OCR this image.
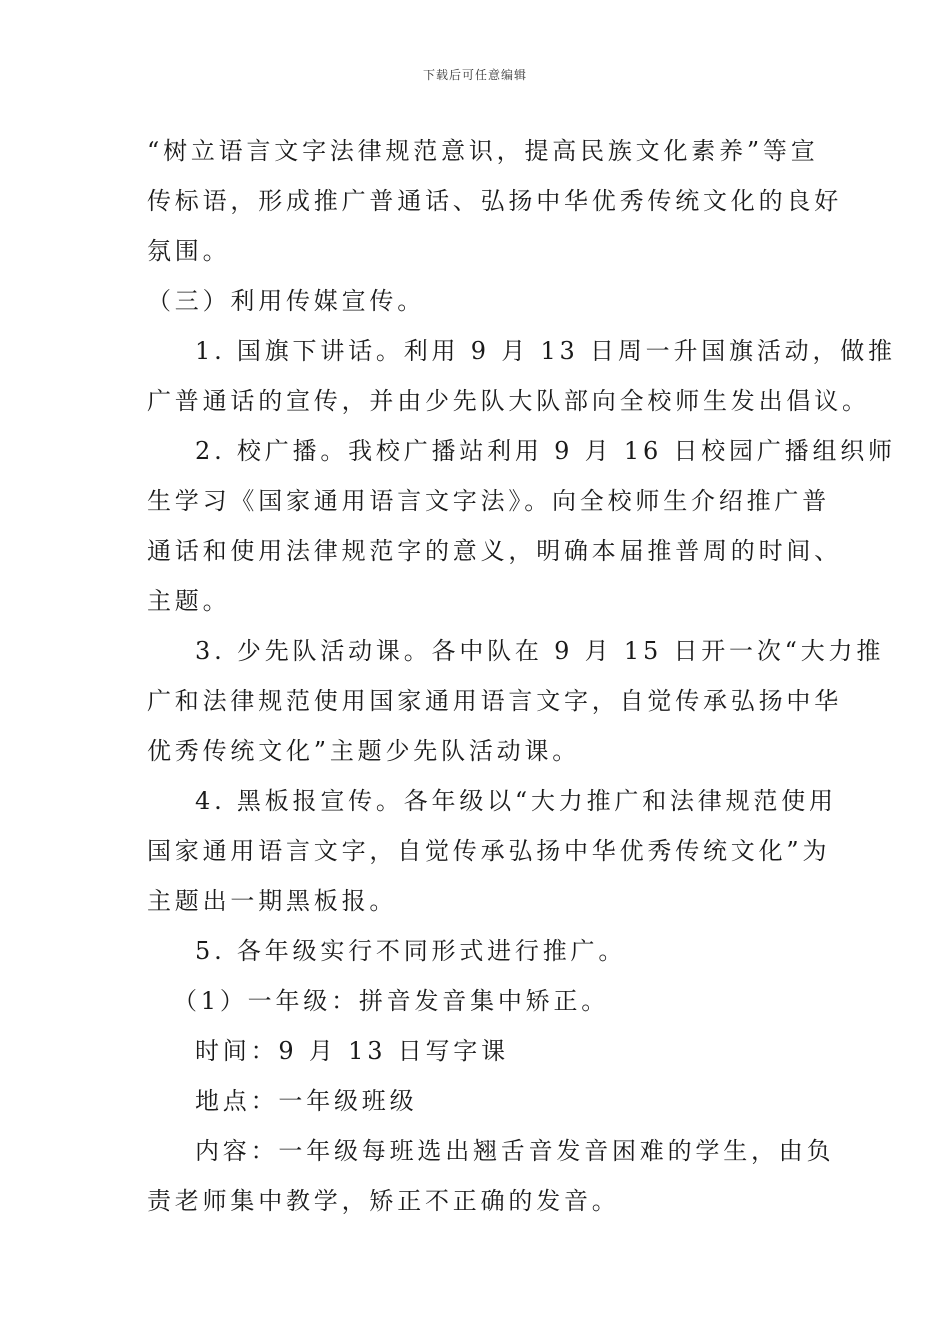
下载后可任意编辑
“树立语言文字法律规范意识，提高民族文化素养”等宣
传标语，形成推广普通话、弘扬中华优秀传统文化的良好
氛围。
（三）利用传媒宣传。
1. 国旗下讲话。利用 9 月 13 日周一升国旗活动，做推
广普通话的宣传，并由少先队大队部向全校师生发出倡议。
2. 校广播。我校广播站利用 9 月 16 日校园广播组织师
生学习《国家通用语言文字法》。向全校师生介绍推广普
通话和使用法律规范字的意义，明确本届推普周的时间、
主题。
3. 少先队活动课。各中队在 9 月 15 日开一次“大力推
广和法律规范使用国家通用语言文字，自觉传承弘扬中华
优秀传统文化”主题少先队活动课。
4. 黑板报宣传。各年级以“大力推广和法律规范使用
国家通用语言文字，自觉传承弘扬中华优秀传统文化”为
主题出一期黑板报。
5. 各年级实行不同形式进行推广。
（1）一年级：拼音发音集中矫正。
时间：9 月 13 日写字课
地点：一年级班级
内容：一年级每班选出翘舌音发音困难的学生，由负
责老师集中教学，矫正不正确的发音。
